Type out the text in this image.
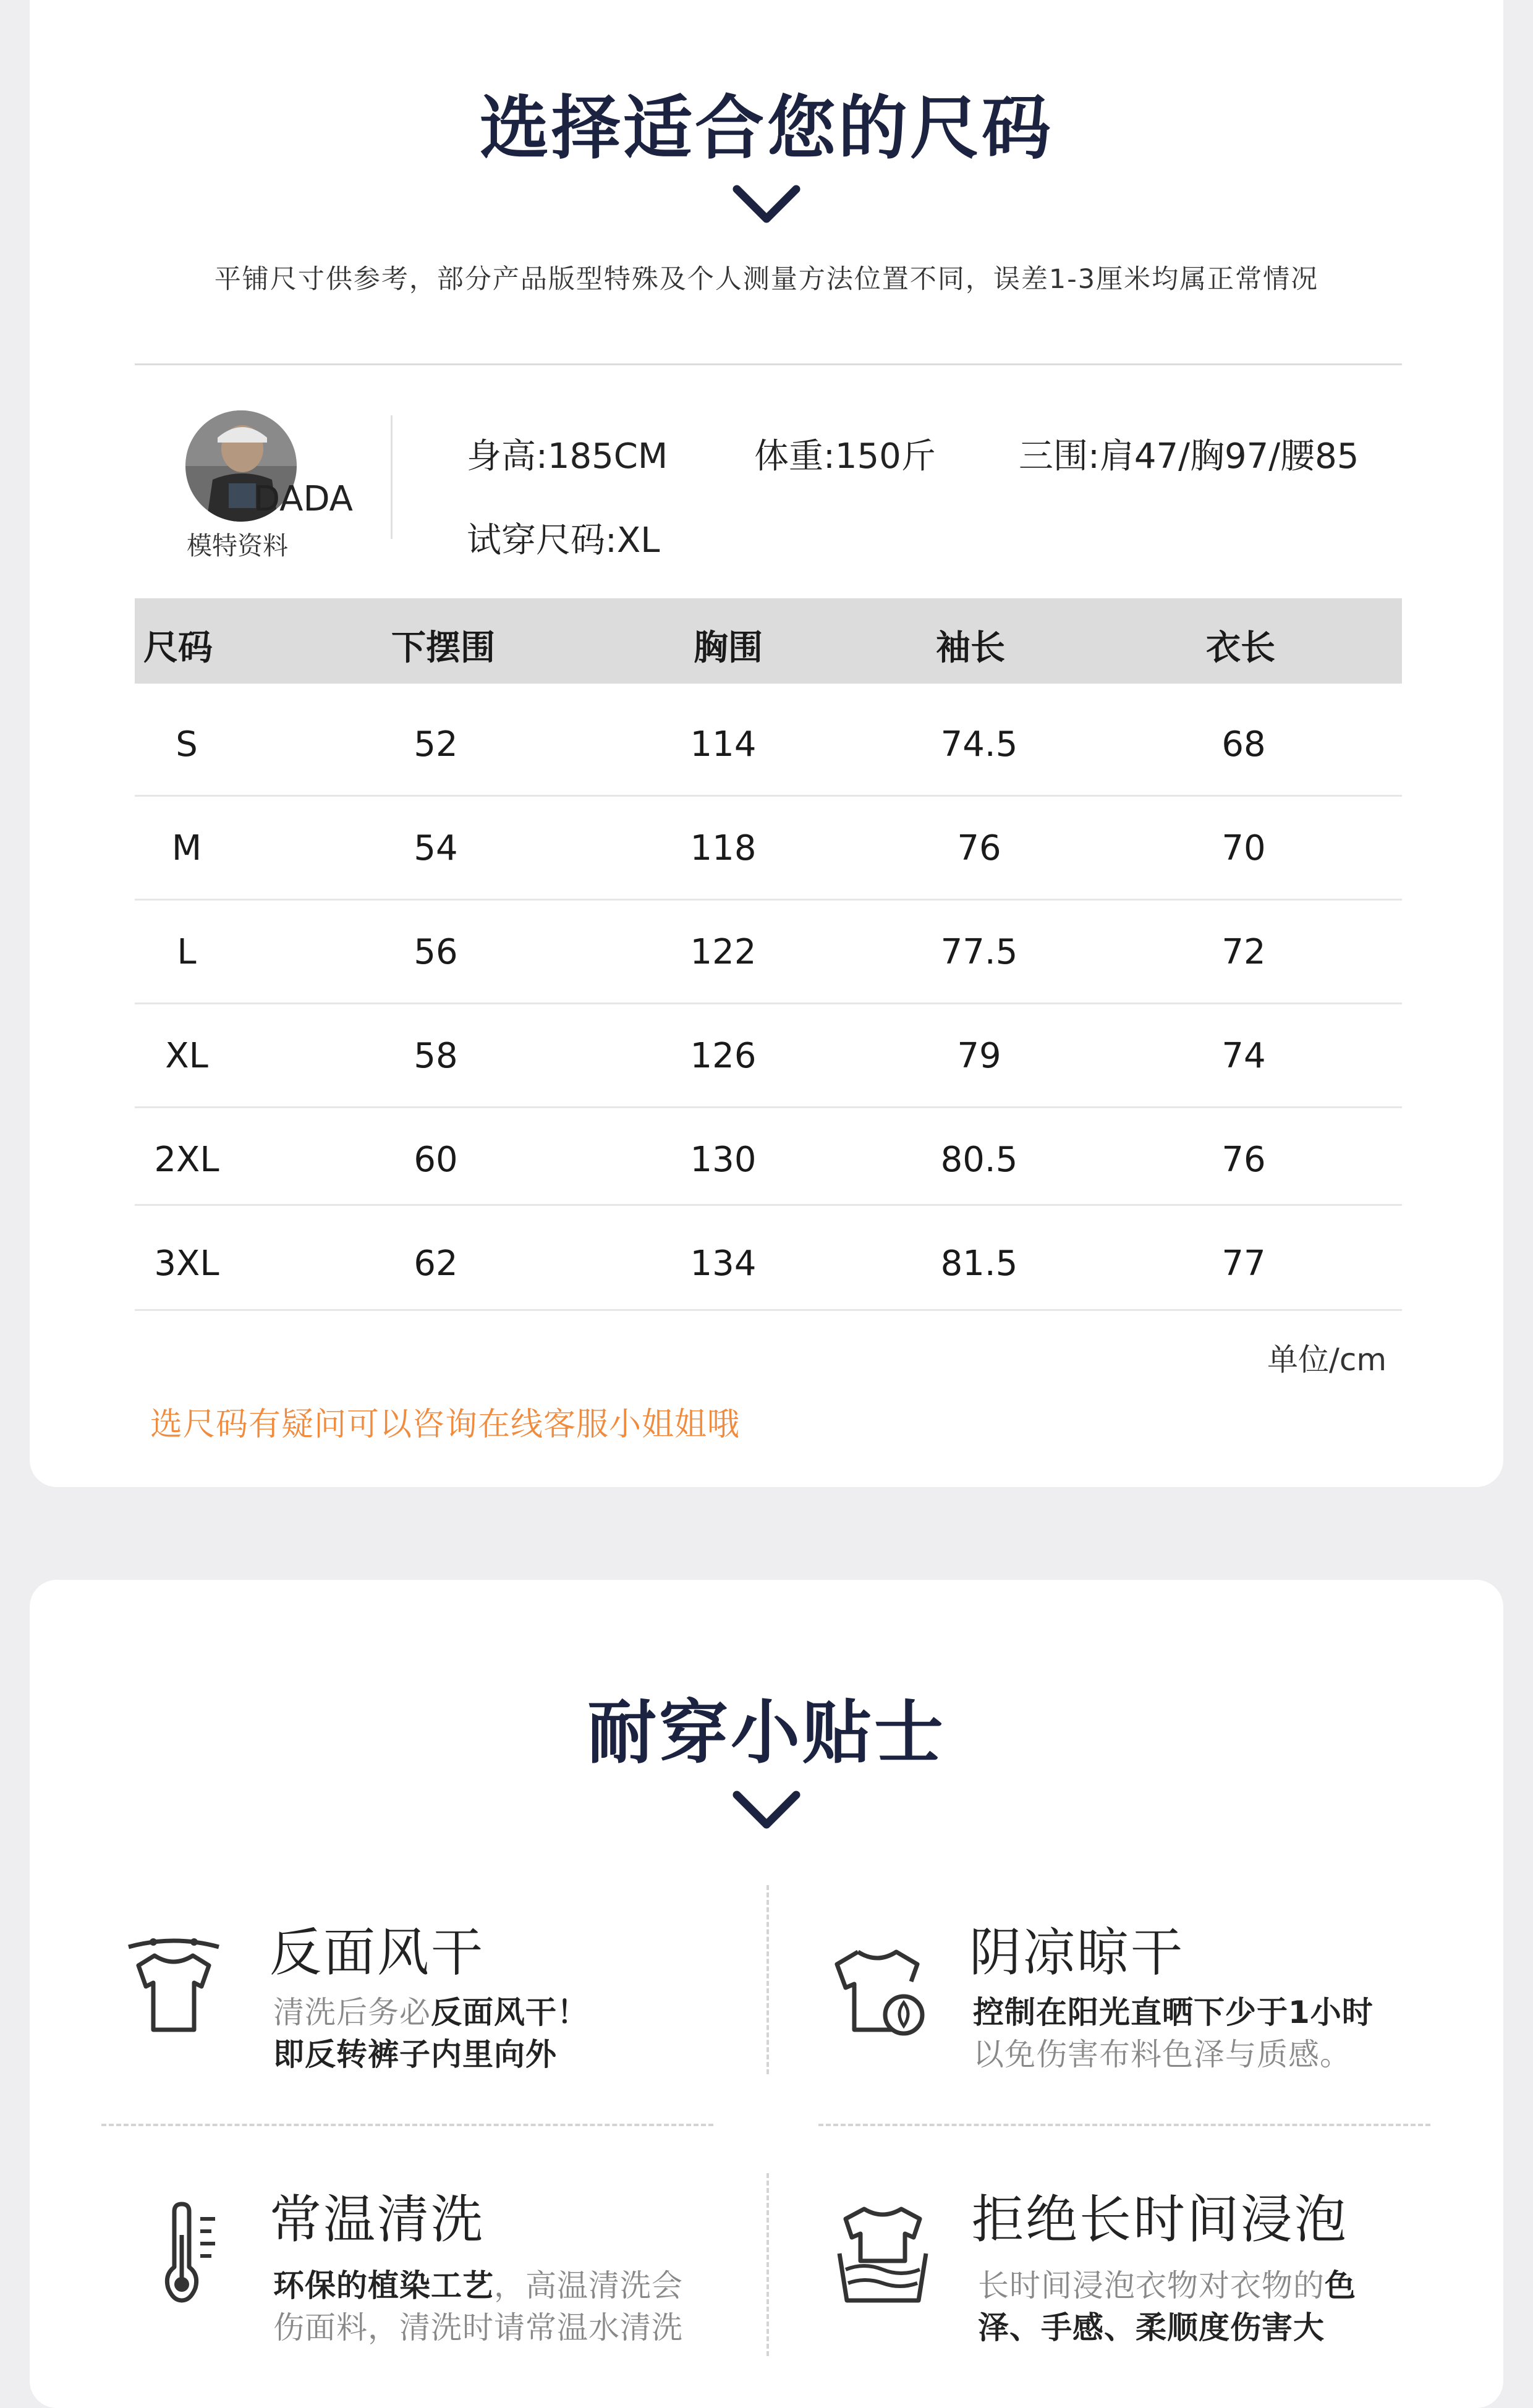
选择适合您的尺码
平铺尺寸供参考，部分产品版型特殊及个人测量方法位置不同，误差1-3厘米均属正常情况
DADA
模特资料
身高:185CM 体重:150斤 三围:肩47/胸97/腰85
试穿尺码:XL
尺码	下摆围	胸围	袖长	衣长
S	52	114	74.5	68
M	54	118	76	70
L	56	122	77.5	72
XL	58	126	79	74
2XL	60	130	80.5	76
3XL	62	134	81.5	77
单位/cm
选尺码有疑问可以咨询在线客服小姐姐哦
耐穿小贴士
反面风干
清洗后务必反面风干！
即反转裤子内里向外
阴凉晾干
控制在阳光直晒下少于1小时
以免伤害布料色泽与质感。
常温清洗
环保的植染工艺，高温清洗会
伤面料，清洗时请常温水清洗
拒绝长时间浸泡
长时间浸泡衣物对衣物的色
泽、手感、柔顺度伤害大
